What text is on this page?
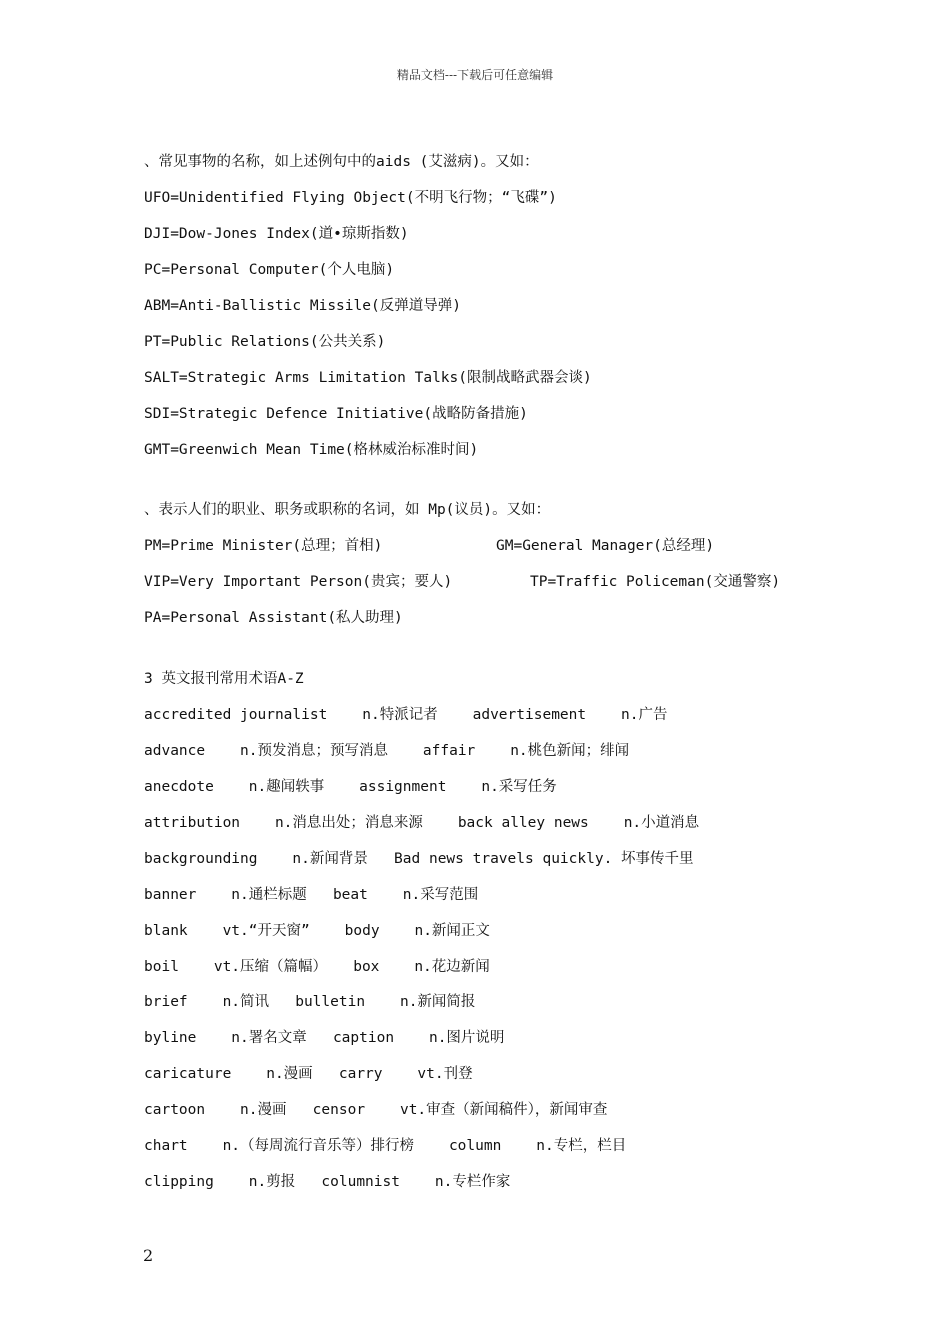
精品文档---下载后可任意编辑
、常见事物的名称，如上述例句中的aids (艾滋病)。又如：
UFO=Unidentified Flying Object(不明飞行物；“飞碟”)
DJI=Dow-Jones Index(道•琼斯指数)
PC=Personal Computer(个人电脑)
ABM=Anti-Ballistic Missile(反弹道导弹)
PT=Public Relations(公共关系)
SALT=Strategic Arms Limitation Talks(限制战略武器会谈)
SDI=Strategic Defence Initiative(战略防备措施)
GMT=Greenwich Mean Time(格林威治标准时间)
、表示人们的职业、职务或职称的名词，如 Mp(议员)。又如：
PM=Prime Minister(总理；首相)	GM=General Manager(总经理)
VIP=Very Important Person(贵宾；要人)	TP=Traffic Policeman(交通警察)
PA=Personal Assistant(私人助理)
3 英文报刊常用术语A-Z
accredited journalist    n.特派记者    advertisement    n.广告
advance    n.预发消息；预写消息    affair    n.桃色新闻；绯闻
anecdote    n.趣闻轶事    assignment    n.采写任务
attribution    n.消息出处；消息来源    back alley news    n.小道消息
backgrounding    n.新闻背景   Bad news travels quickly. 坏事传千里
banner    n.通栏标题   beat    n.采写范围
blank    vt.“开天窗”    body    n.新闻正文
boil    vt.压缩（篇幅）   box    n.花边新闻
brief    n.简讯   bulletin    n.新闻简报
byline    n.署名文章   caption    n.图片说明
caricature    n.漫画   carry    vt.刊登
cartoon    n.漫画   censor    vt.审查（新闻稿件），新闻审查
chart    n.（每周流行音乐等）排行榜    column    n.专栏，栏目
clipping    n.剪报   columnist    n.专栏作家
2
